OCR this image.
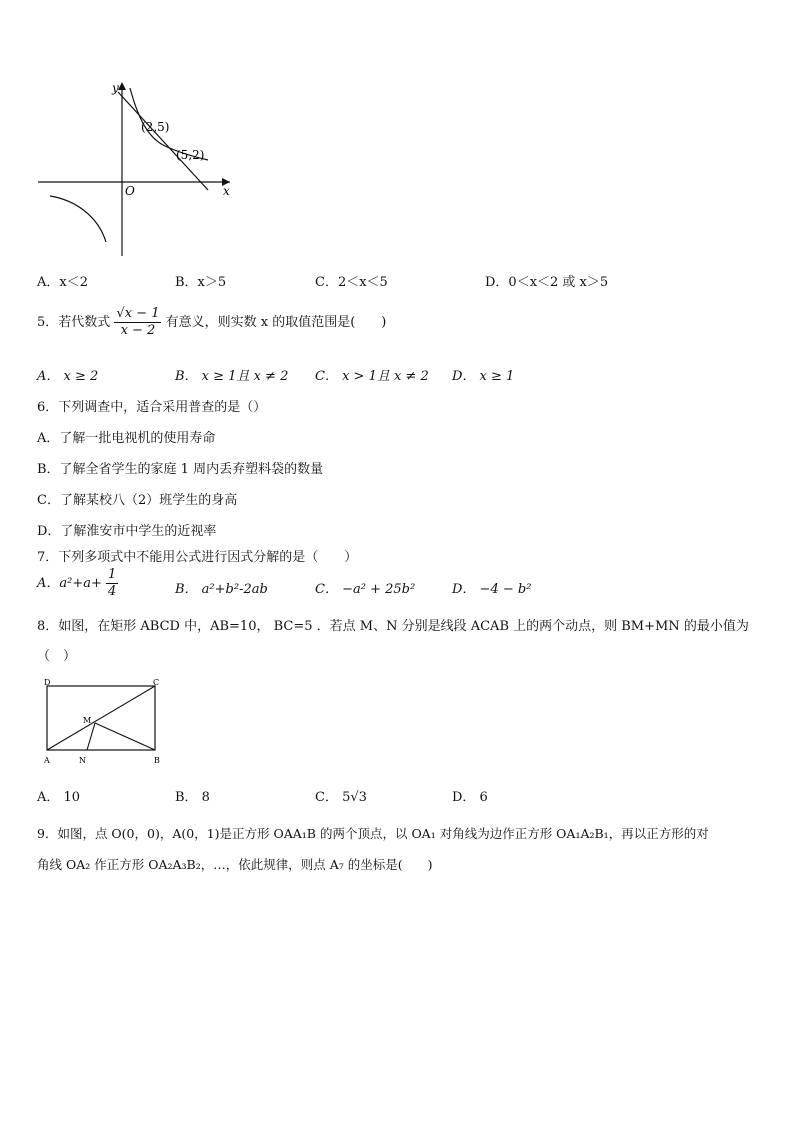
y
x
O
(2,5)
(5,2)
A．x＜2	B．x＞5	C．2＜x＜5	D．0＜x＜2 或 x＞5
5．若代数式 $\frac{√x - 1}{x - 2}$ 有意义，则实数 x 的取值范围是(　　)
A． x ≥ 2	B． x ≥ 1且 x ≠ 2 C． x > 1且 x ≠ 2 D． x ≥ 1
6．下列调查中，适合采用普查的是（）
A．了解一批电视机的使用寿命
B．了解全省学生的家庭 1 周内丢弃塑料袋的数量
C．了解某校八（2）班学生的身高
D．了解淮安市中学生的近视率
7．下列多项式中不能用公式进行因式分解的是（　　）
A．$a^2+a+ \frac{1}{4}$	B． a²+b²-2ab	C． −a² + 25b²	D． −4 − b²
8．如图，在矩形 ABCD 中，AB=10， BC=5 ．若点 M、N 分别是线段 ACAB 上的两个动点，则 BM+MN 的最小值为
（　）
D	C
A	B
M
N
A． 10	B． 8	C． 5√3	D． 6
9．如图，点 O(0，0)，A(0，1)是正方形 OAA₁B 的两个顶点，以 OA₁ 对角线为边作正方形 OA₁A₂B₁，再以正方形的对
角线 OA₂ 作正方形 OA₂A₃B₂，…，依此规律，则点 A₇ 的坐标是(　　)
